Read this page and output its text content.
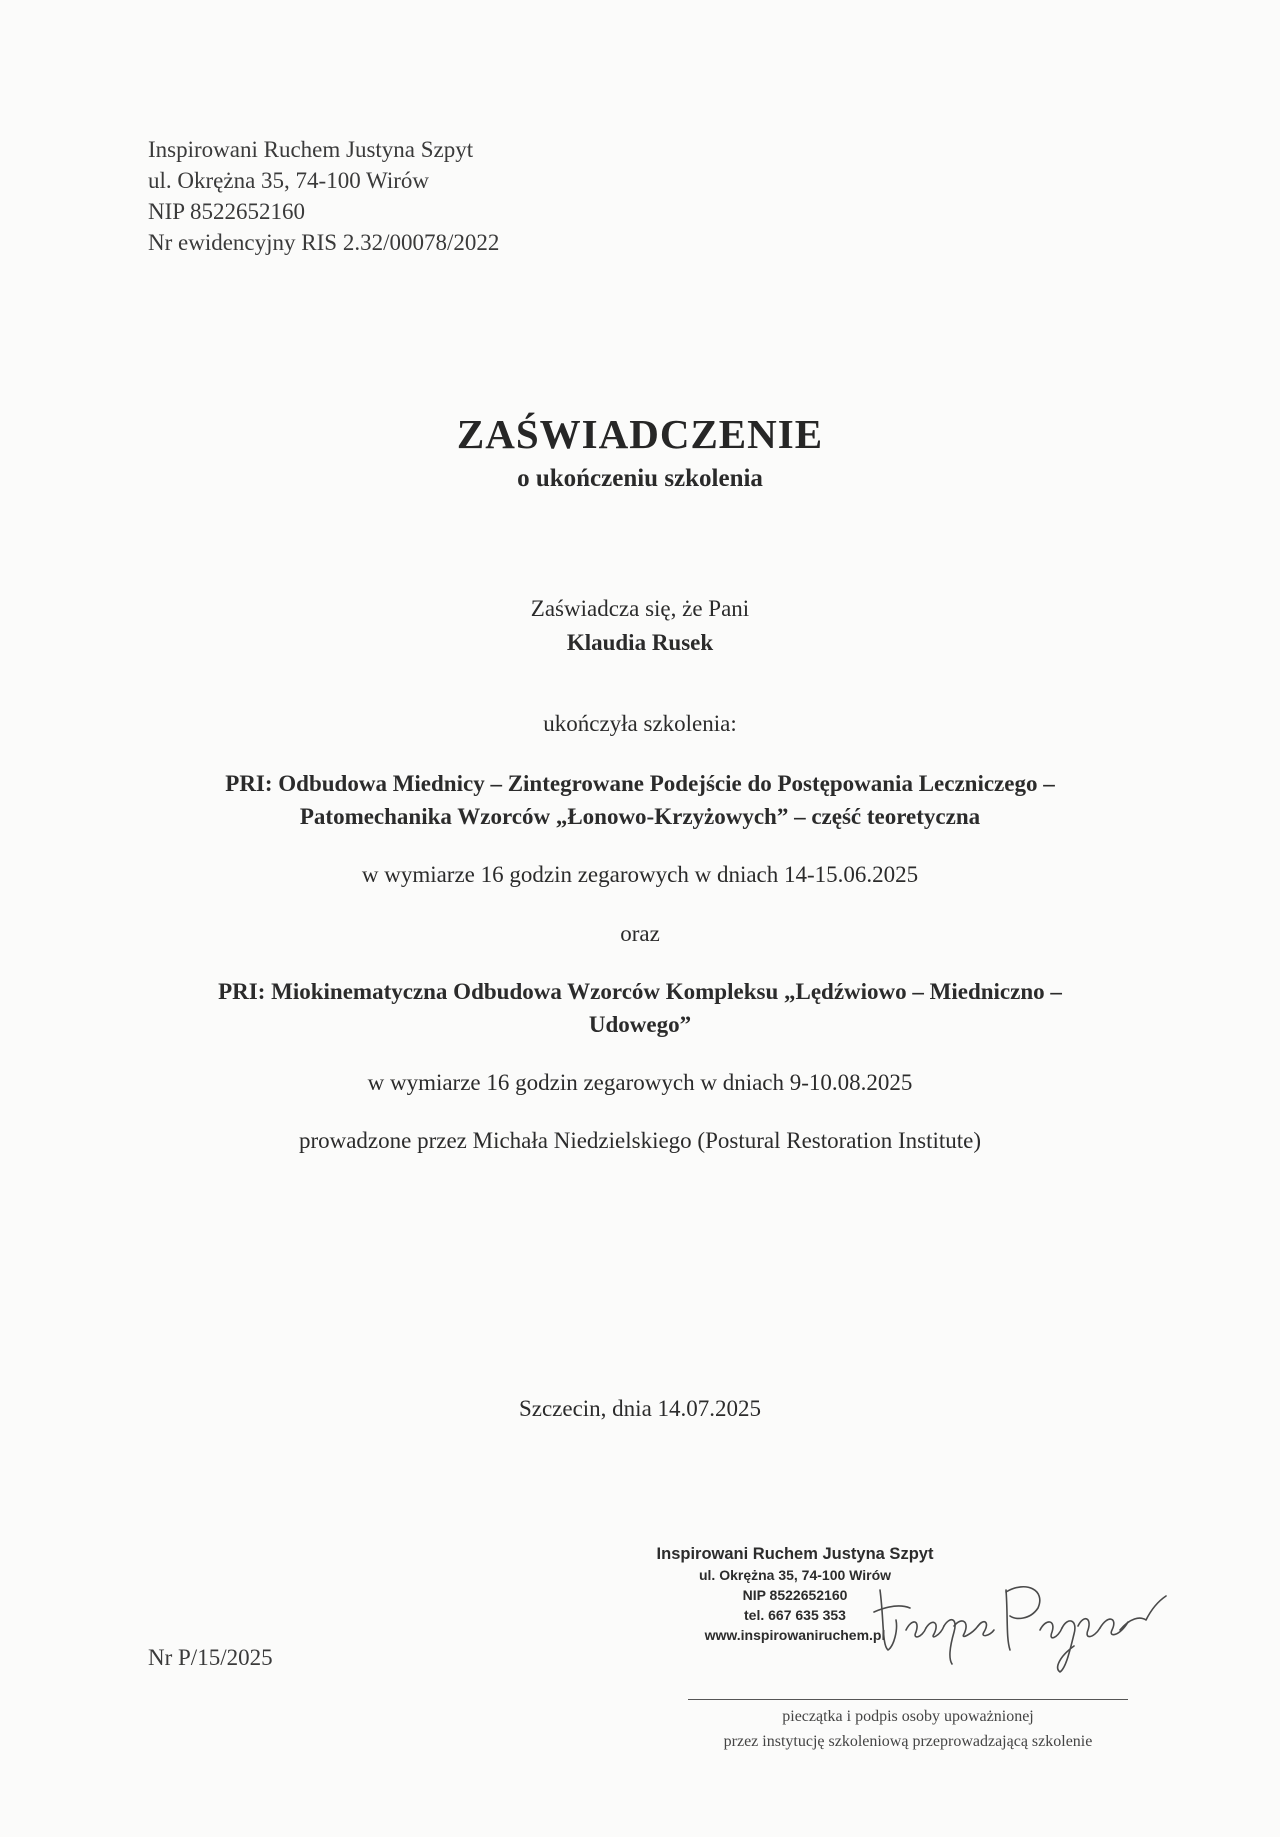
Inspirowani Ruchem Justyna Szpyt
ul. Okrężna 35, 74-100 Wirów
NIP 8522652160
Nr ewidencyjny RIS 2.32/00078/2022
ZAŚWIADCZENIE
o ukończeniu szkolenia
Zaświadcza się, że Pani
Klaudia Rusek
ukończyła szkolenia:
PRI: Odbudowa Miednicy – Zintegrowane Podejście do Postępowania Leczniczego –
Patomechanika Wzorców „Łonowo-Krzyżowych” – część teoretyczna
w wymiarze 16 godzin zegarowych w dniach 14-15.06.2025
oraz
PRI: Miokinematyczna Odbudowa Wzorców Kompleksu „Lędźwiowo – Miedniczno –
Udowego”
w wymiarze 16 godzin zegarowych w dniach 9-10.08.2025
prowadzone przez Michała Niedzielskiego (Postural Restoration Institute)
Szczecin, dnia 14.07.2025
Nr P/15/2025
Inspirowani Ruchem Justyna Szpyt
ul. Okrężna 35, 74-100 Wirów
NIP 8522652160
tel. 667 635 353
www.inspirowaniruchem.pl
pieczątka i podpis osoby upoważnionej
przez instytucję szkoleniową przeprowadzającą szkolenie
